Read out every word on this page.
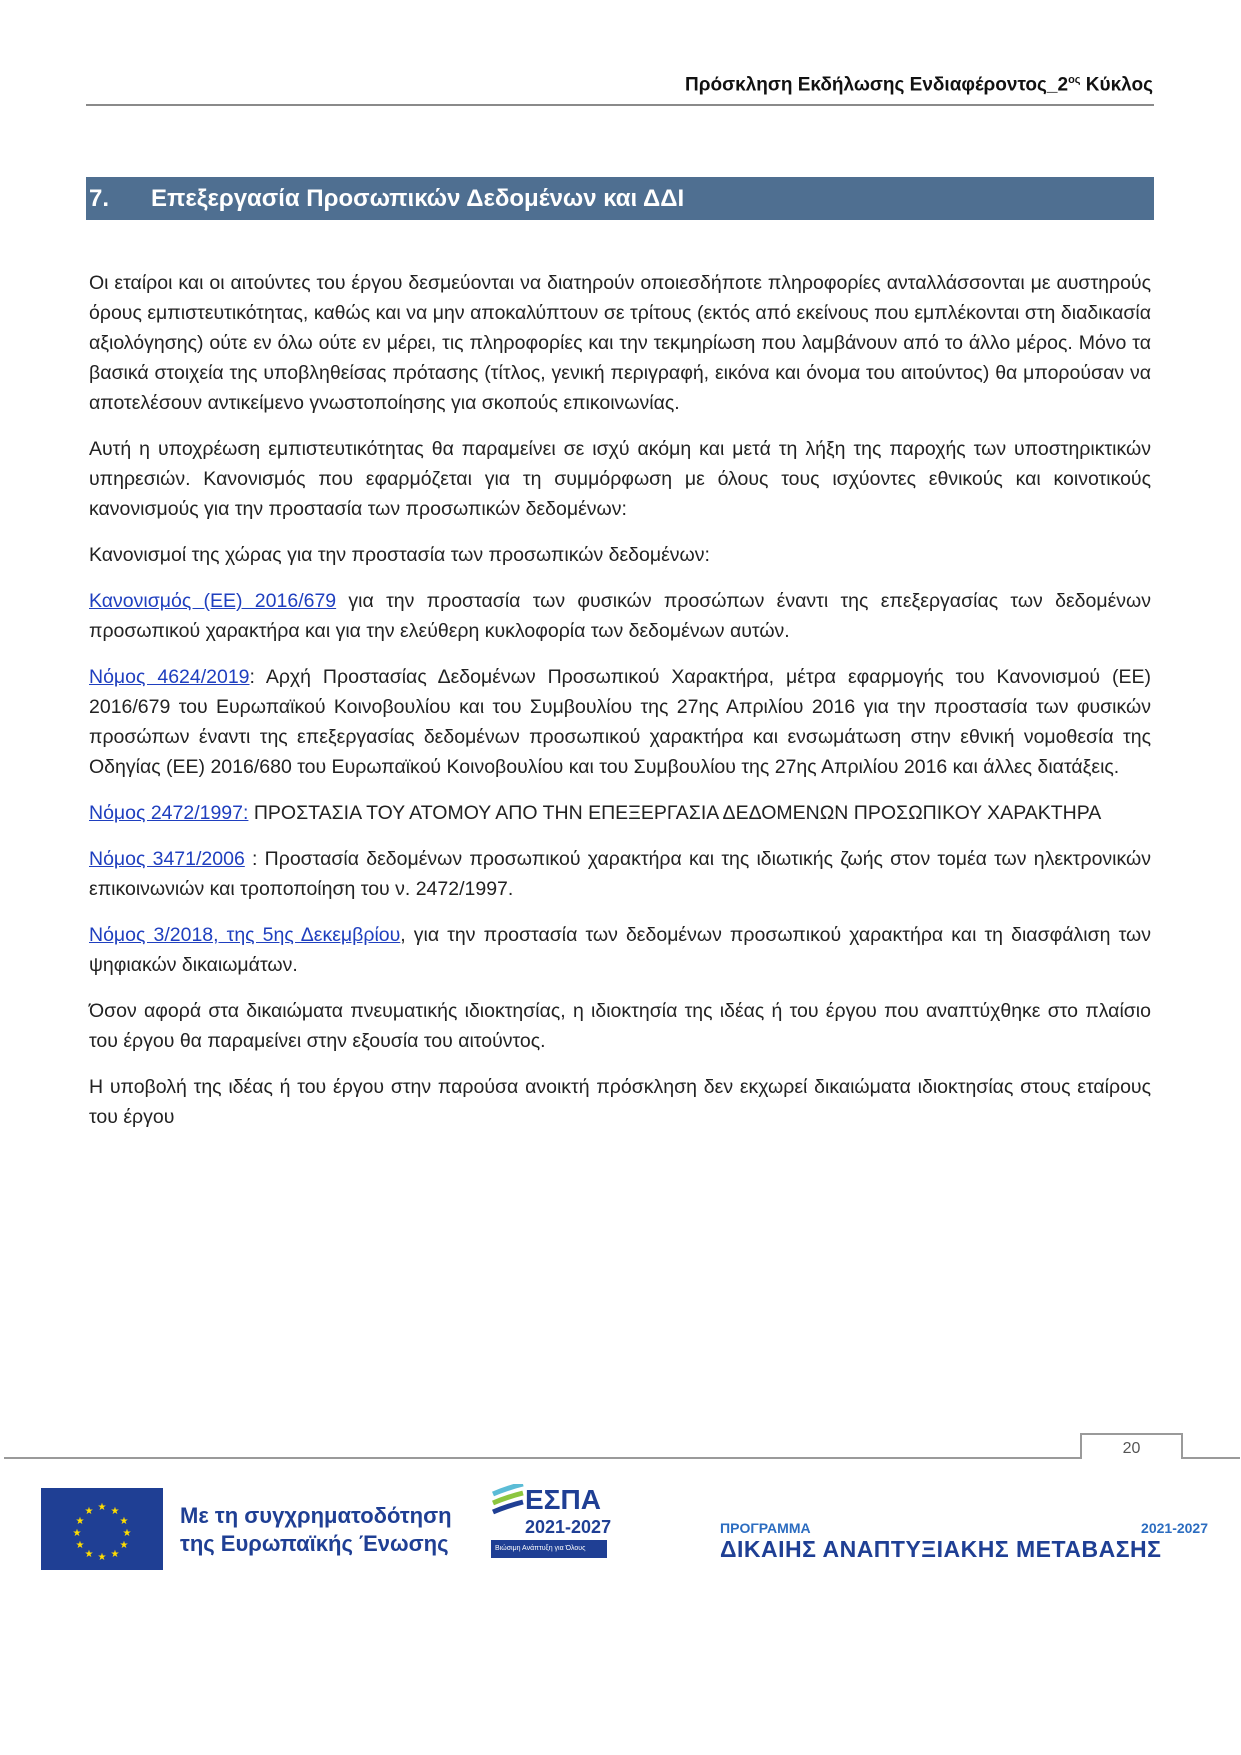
Πρόσκληση Εκδήλωσης $E\nu\delta\iota\alpha\varphi έ\rho o\nu\tau o\varsigma\_2^{o\varsigma}$ Κύκλος
7.	Επεξεργασία Προσωπικών Δεδομένων και ΔΔΙ
Οι εταίροι και οι αιτούντες του έργου δεσμεύονται να διατηρούν οποιεσδήποτε πληροφορίες ανταλλάσσονται με αυστηρούς όρους εμπιστευτικότητας, καθώς και να μην αποκαλύπτουν σε τρίτους (εκτός από εκείνους που εμπλέκονται στη διαδικασία αξιολόγησης) ούτε εν όλω ούτε εν μέρει, τις πληροφορίες και την τεκμηρίωση που λαμβάνουν από το άλλο μέρος. Μόνο τα βασικά στοιχεία της υποβληθείσας πρότασης (τίτλος, γενική περιγραφή, εικόνα και όνομα του αιτούντος) θα μπορούσαν να αποτελέσουν αντικείμενο γνωστοποίησης για σκοπούς επικοινωνίας.
Αυτή η υποχρέωση εμπιστευτικότητας θα παραμείνει σε ισχύ ακόμη και μετά τη λήξη της παροχής των υποστηρικτικών υπηρεσιών. Κανονισμός που εφαρμόζεται για τη συμμόρφωση με όλους τους ισχύοντες εθνικούς και κοινοτικούς κανονισμούς για την προστασία των προσωπικών δεδομένων:
Κανονισμοί της χώρας για την προστασία των προσωπικών δεδομένων:
Κανονισμός (ΕΕ) 2016/679 για την προστασία των φυσικών προσώπων έναντι της επεξεργασίας των δεδομένων προσωπικού χαρακτήρα και για την ελεύθερη κυκλοφορία των δεδομένων αυτών.
Νόμος 4624/2019: Αρχή Προστασίας Δεδομένων Προσωπικού Χαρακτήρα, μέτρα εφαρμογής του Κανονισμού (ΕΕ) 2016/679 του Ευρωπαϊκού Κοινοβουλίου και του Συμβουλίου της 27ης Απριλίου 2016 για την προστασία των φυσικών προσώπων έναντι της επεξεργασίας δεδομένων προσωπικού χαρακτήρα και ενσωμάτωση στην εθνική νομοθεσία της Οδηγίας (ΕΕ) 2016/680 του Ευρωπαϊκού Κοινοβουλίου και του Συμβουλίου της 27ης Απριλίου 2016 και άλλες διατάξεις.
Νόμος 2472/1997: ΠΡΟΣΤΑΣΙΑ ΤΟΥ ΑΤΟΜΟΥ ΑΠΟ ΤΗΝ ΕΠΕΞΕΡΓΑΣΙΑ ΔΕΔΟΜΕΝΩΝ ΠΡΟΣΩΠΙΚΟΥ ΧΑΡΑΚΤΗΡΑ
Νόμος 3471/2006 : Προστασία δεδομένων προσωπικού χαρακτήρα και της ιδιωτικής ζωής στον τομέα των ηλεκτρονικών επικοινωνιών και τροποποίηση του ν. 2472/1997.
Νόμος 3/2018, της 5ης Δεκεμβρίου, για την προστασία των δεδομένων προσωπικού χαρακτήρα και τη διασφάλιση των ψηφιακών δικαιωμάτων.
Όσον αφορά στα δικαιώματα πνευματικής ιδιοκτησίας, η ιδιοκτησία της ιδέας ή του έργου που αναπτύχθηκε στο πλαίσιο του έργου θα παραμείνει στην εξουσία του αιτούντος.
Η υποβολή της ιδέας ή του έργου στην παρούσα ανοικτή πρόσκληση δεν εκχωρεί δικαιώματα ιδιοκτησίας στους εταίρους του έργου
20
★ ★
★
★
★
★
★
★
★
★
★
★	Με τη συγχρηματοδότηση
της Ευρωπαϊκής Ένωσης
ΕΣΠΑ
2021-2027
Βιώσιμη Ανάπτυξη για Όλους
ΠΡΟΓΡΑΜΜΑ	2021-2027
ΔΙΚΑΙΗΣ ΑΝΑΠΤΥΞΙΑΚΗΣ ΜΕΤΑΒΑΣΗΣ
